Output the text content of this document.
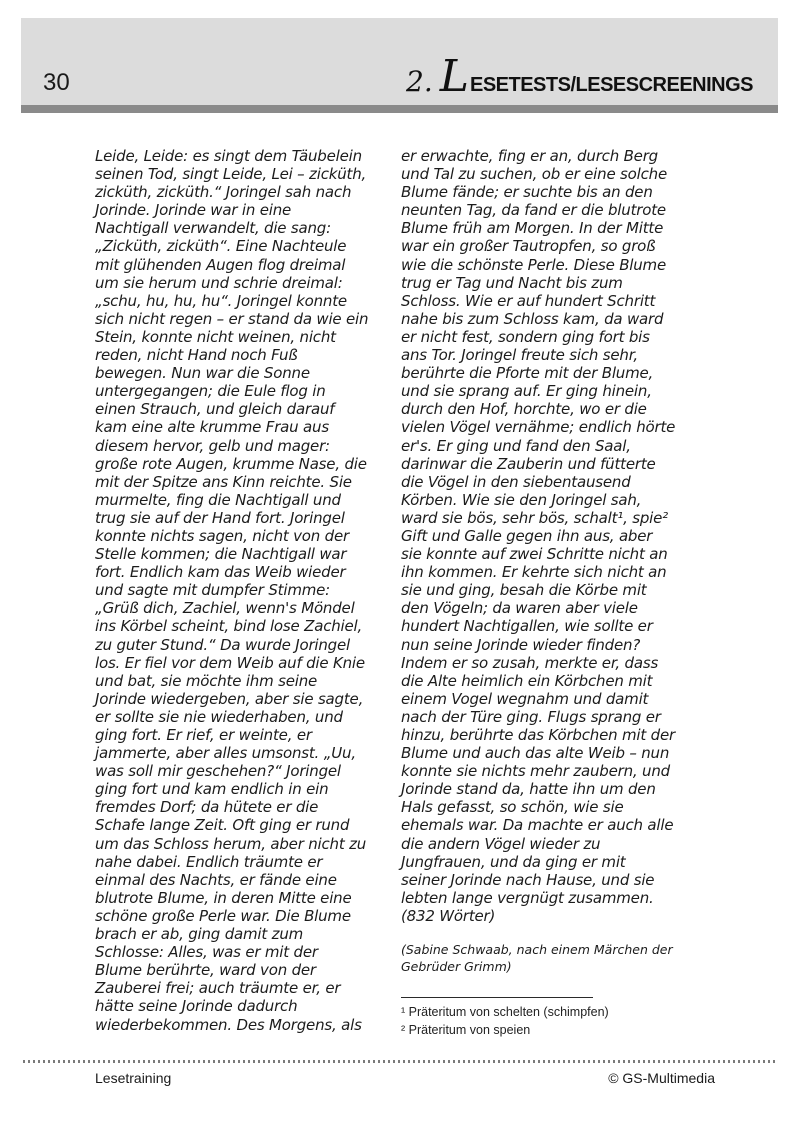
30	2. L ESETESTS/LESESCREENINGS
Leide, Leide: es singt dem Täubelein
seinen Tod, singt Leide, Lei – zicküth,
zicküth, zicküth.“ Joringel sah nach
Jorinde. Jorinde war in eine
Nachtigall verwandelt, die sang:
„Zicküth, zicküth“. Eine Nachteule
mit glühenden Augen flog dreimal
um sie herum und schrie dreimal:
„schu, hu, hu, hu“. Joringel konnte
sich nicht regen – er stand da wie ein
Stein, konnte nicht weinen, nicht
reden, nicht Hand noch Fuß
bewegen. Nun war die Sonne
untergegangen; die Eule flog in
einen Strauch, und gleich darauf
kam eine alte krumme Frau aus
diesem hervor, gelb und mager:
große rote Augen, krumme Nase, die
mit der Spitze ans Kinn reichte. Sie
murmelte, fing die Nachtigall und
trug sie auf der Hand fort. Joringel
konnte nichts sagen, nicht von der
Stelle kommen; die Nachtigall war
fort. Endlich kam das Weib wieder
und sagte mit dumpfer Stimme:
„Grüß dich, Zachiel, wenn's Möndel
ins Körbel scheint, bind lose Zachiel,
zu guter Stund.“ Da wurde Joringel
los. Er fiel vor dem Weib auf die Knie
und bat, sie möchte ihm seine
Jorinde wiedergeben, aber sie sagte,
er sollte sie nie wiederhaben, und
ging fort. Er rief, er weinte, er
jammerte, aber alles umsonst. „Uu,
was soll mir geschehen?“ Joringel
ging fort und kam endlich in ein
fremdes Dorf; da hütete er die
Schafe lange Zeit. Oft ging er rund
um das Schloss herum, aber nicht zu
nahe dabei. Endlich träumte er
einmal des Nachts, er fände eine
blutrote Blume, in deren Mitte eine
schöne große Perle war. Die Blume
brach er ab, ging damit zum
Schlosse: Alles, was er mit der
Blume berührte, ward von der
Zauberei frei; auch träumte er, er
hätte seine Jorinde dadurch
wiederbekommen. Des Morgens, als
er erwachte, fing er an, durch Berg
und Tal zu suchen, ob er eine solche
Blume fände; er suchte bis an den
neunten Tag, da fand er die blutrote
Blume früh am Morgen. In der Mitte
war ein großer Tautropfen, so groß
wie die schönste Perle. Diese Blume
trug er Tag und Nacht bis zum
Schloss. Wie er auf hundert Schritt
nahe bis zum Schloss kam, da ward
er nicht fest, sondern ging fort bis
ans Tor. Joringel freute sich sehr,
berührte die Pforte mit der Blume,
und sie sprang auf. Er ging hinein,
durch den Hof, horchte, wo er die
vielen Vögel vernähme; endlich hörte
er's. Er ging und fand den Saal,
darinwar die Zauberin und fütterte
die Vögel in den siebentausend
Körben. Wie sie den Joringel sah,
ward sie bös, sehr bös, schalt¹, spie²
Gift und Galle gegen ihn aus, aber
sie konnte auf zwei Schritte nicht an
ihn kommen. Er kehrte sich nicht an
sie und ging, besah die Körbe mit
den Vögeln; da waren aber viele
hundert Nachtigallen, wie sollte er
nun seine Jorinde wieder finden?
Indem er so zusah, merkte er, dass
die Alte heimlich ein Körbchen mit
einem Vogel wegnahm und damit
nach der Türe ging. Flugs sprang er
hinzu, berührte das Körbchen mit der
Blume und auch das alte Weib – nun
konnte sie nichts mehr zaubern, und
Jorinde stand da, hatte ihn um den
Hals gefasst, so schön, wie sie
ehemals war. Da machte er auch alle
die andern Vögel wieder zu
Jungfrauen, und da ging er mit
seiner Jorinde nach Hause, und sie
lebten lange vergnügt zusammen.
(832 Wörter)
(Sabine Schwaab, nach einem Märchen der
Gebrüder Grimm)
¹ Präteritum von schelten (schimpfen)
² Präteritum von speien
Lesetraining	© GS-Multimedia
